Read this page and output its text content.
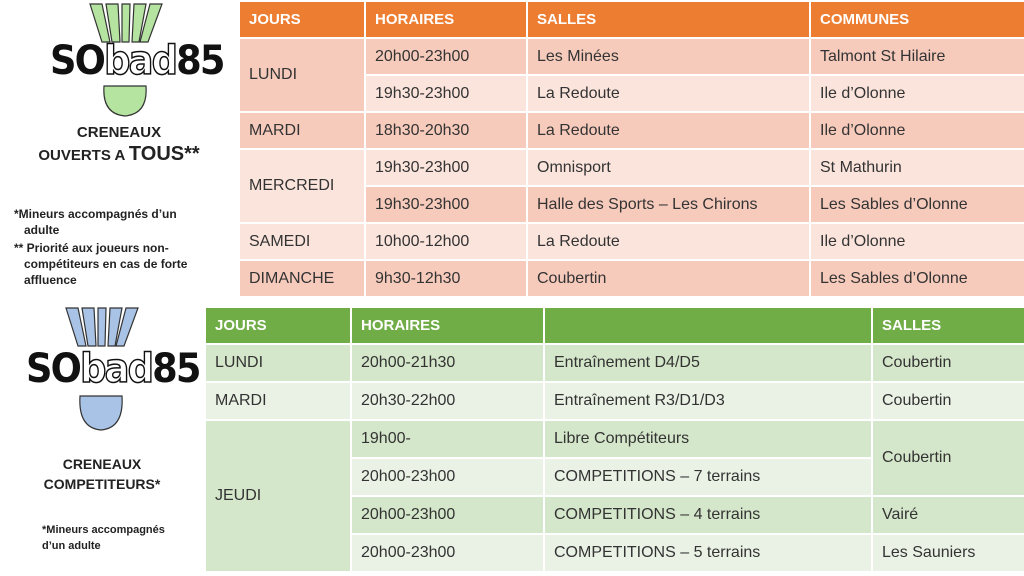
SObad85
CRENEAUX
OUVERTS A TOUS**
*Mineurs accompagnés d’un adulte
** Priorité aux joueurs non-compétiteurs en cas de forte affluence
JOURS	HORAIRES	SALLES	COMMUNES
LUNDI	20h00-23h00	Les Minées	Talmont St Hilaire
	19h30-23h00	La Redoute	Ile d’Olonne
MARDI	18h30-20h30	La Redoute	Ile d’Olonne
MERCREDI	19h30-23h00	Omnisport	St Mathurin
	19h30-23h00	Halle des Sports – Les Chirons	Les Sables d’Olonne
SAMEDI	10h00-12h00	La Redoute	Ile d’Olonne
DIMANCHE	9h30-12h30	Coubertin	Les Sables d’Olonne
SObad85
CRENEAUX
COMPETITEURS*
*Mineurs accompagnés
d’un adulte
JOURS	HORAIRES		SALLES
LUNDI	20h00-21h30	Entraînement D4/D5	Coubertin
MARDI	20h30-22h00	Entraînement R3/D1/D3	Coubertin
JEUDI	19h00-	Libre Compétiteurs	Coubertin
	20h00-23h00	COMPETITIONS – 7 terrains	
	20h00-23h00	COMPETITIONS – 4 terrains	Vairé
	20h00-23h00	COMPETITIONS – 5 terrains	Les Sauniers
